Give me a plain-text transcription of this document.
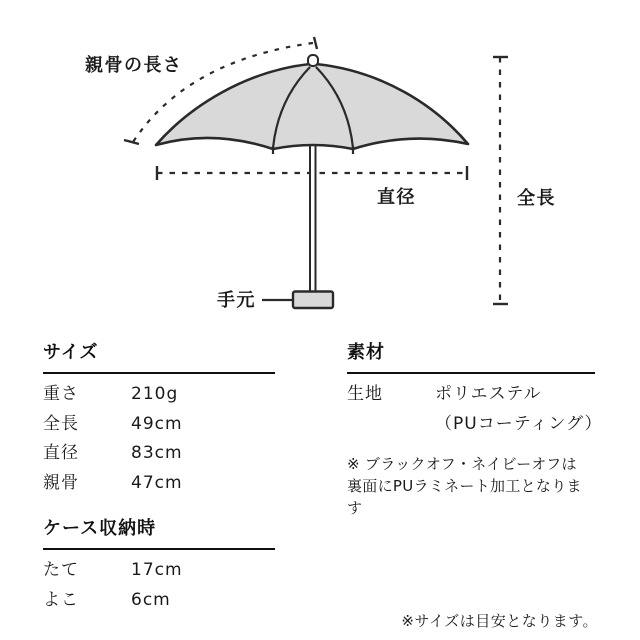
親骨の長さ
直径	全長
手元
サイズ
重さ	210g
全長	49cm
直径	83cm
親骨	47cm
ケース収納時
たて	17cm
よこ	6cm
素材
生地	ポリエステル
（PUコーティング）

※ ブラックオフ・ネイビーオフは
裏面にPUラミネート加工となります

※サイズは目安となります。
